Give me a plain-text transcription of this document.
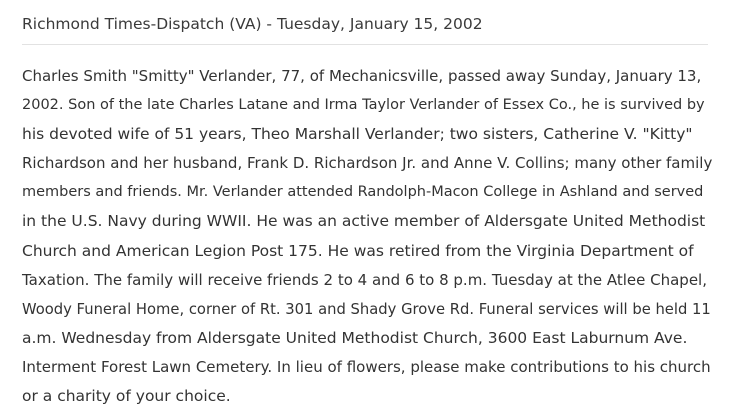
Richmond Times-Dispatch (VA) - Tuesday, January 15, 2002

Charles Smith "Smitty" Verlander, 77, of Mechanicsville, passed away Sunday, January 13,
2002. Son of the late Charles Latane and Irma Taylor Verlander of Essex Co., he is survived by
his devoted wife of 51 years, Theo Marshall Verlander; two sisters, Catherine V. "Kitty"
Richardson and her husband, Frank D. Richardson Jr. and Anne V. Collins; many other family
members and friends. Mr. Verlander attended Randolph-Macon College in Ashland and served
in the U.S. Navy during WWII. He was an active member of Aldersgate United Methodist
Church and American Legion Post 175. He was retired from the Virginia Department of
Taxation. The family will receive friends 2 to 4 and 6 to 8 p.m. Tuesday at the Atlee Chapel,
Woody Funeral Home, corner of Rt. 301 and Shady Grove Rd. Funeral services will be held 11
a.m. Wednesday from Aldersgate United Methodist Church, 3600 East Laburnum Ave.
Interment Forest Lawn Cemetery. In lieu of flowers, please make contributions to his church
or a charity of your choice.
